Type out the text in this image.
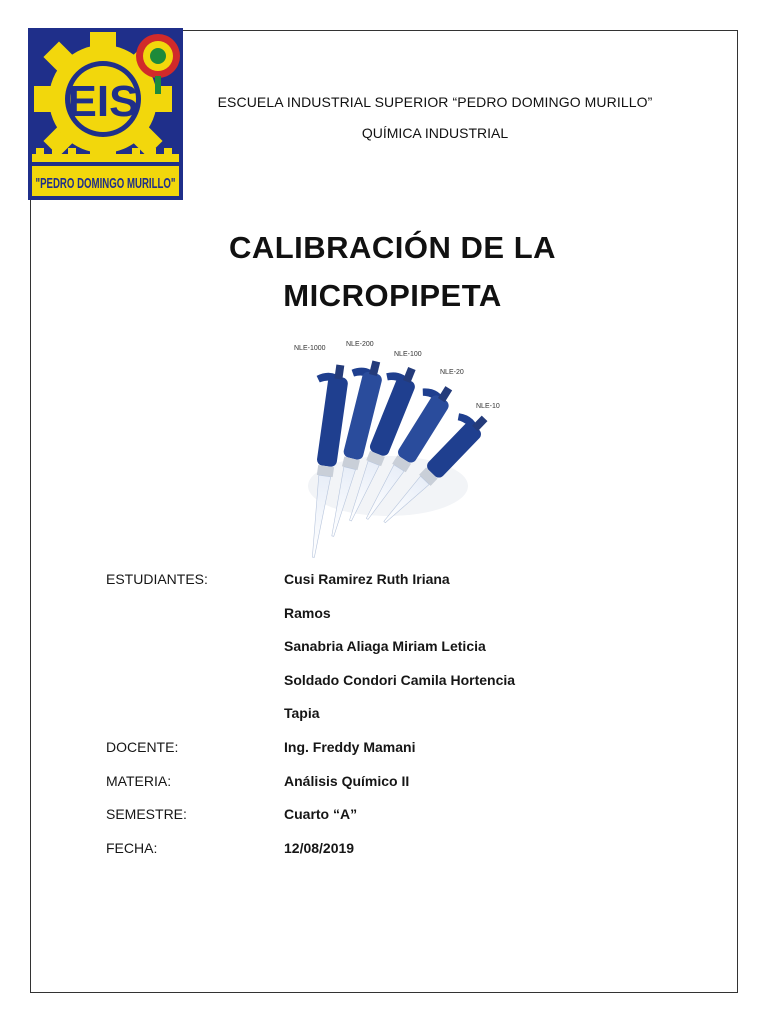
EIS
"PEDRO DOMINGO MURILLO"
ESCUELA INDUSTRIAL SUPERIOR “PEDRO DOMINGO MURILLO”
QUÍMICA INDUSTRIAL
CALIBRACIÓN DE LA
MICROPIPETA
NLE-1000
NLE-200
NLE-100
NLE-20
NLE-10
ESTUDIANTES:	Cusi Ramirez Ruth Iriana
Ramos
Sanabria Aliaga Miriam Leticia
Soldado Condori Camila Hortencia
Tapia
DOCENTE:	Ing. Freddy Mamani
MATERIA:	Análisis Químico II
SEMESTRE:	Cuarto “A”
FECHA:	12/08/2019
